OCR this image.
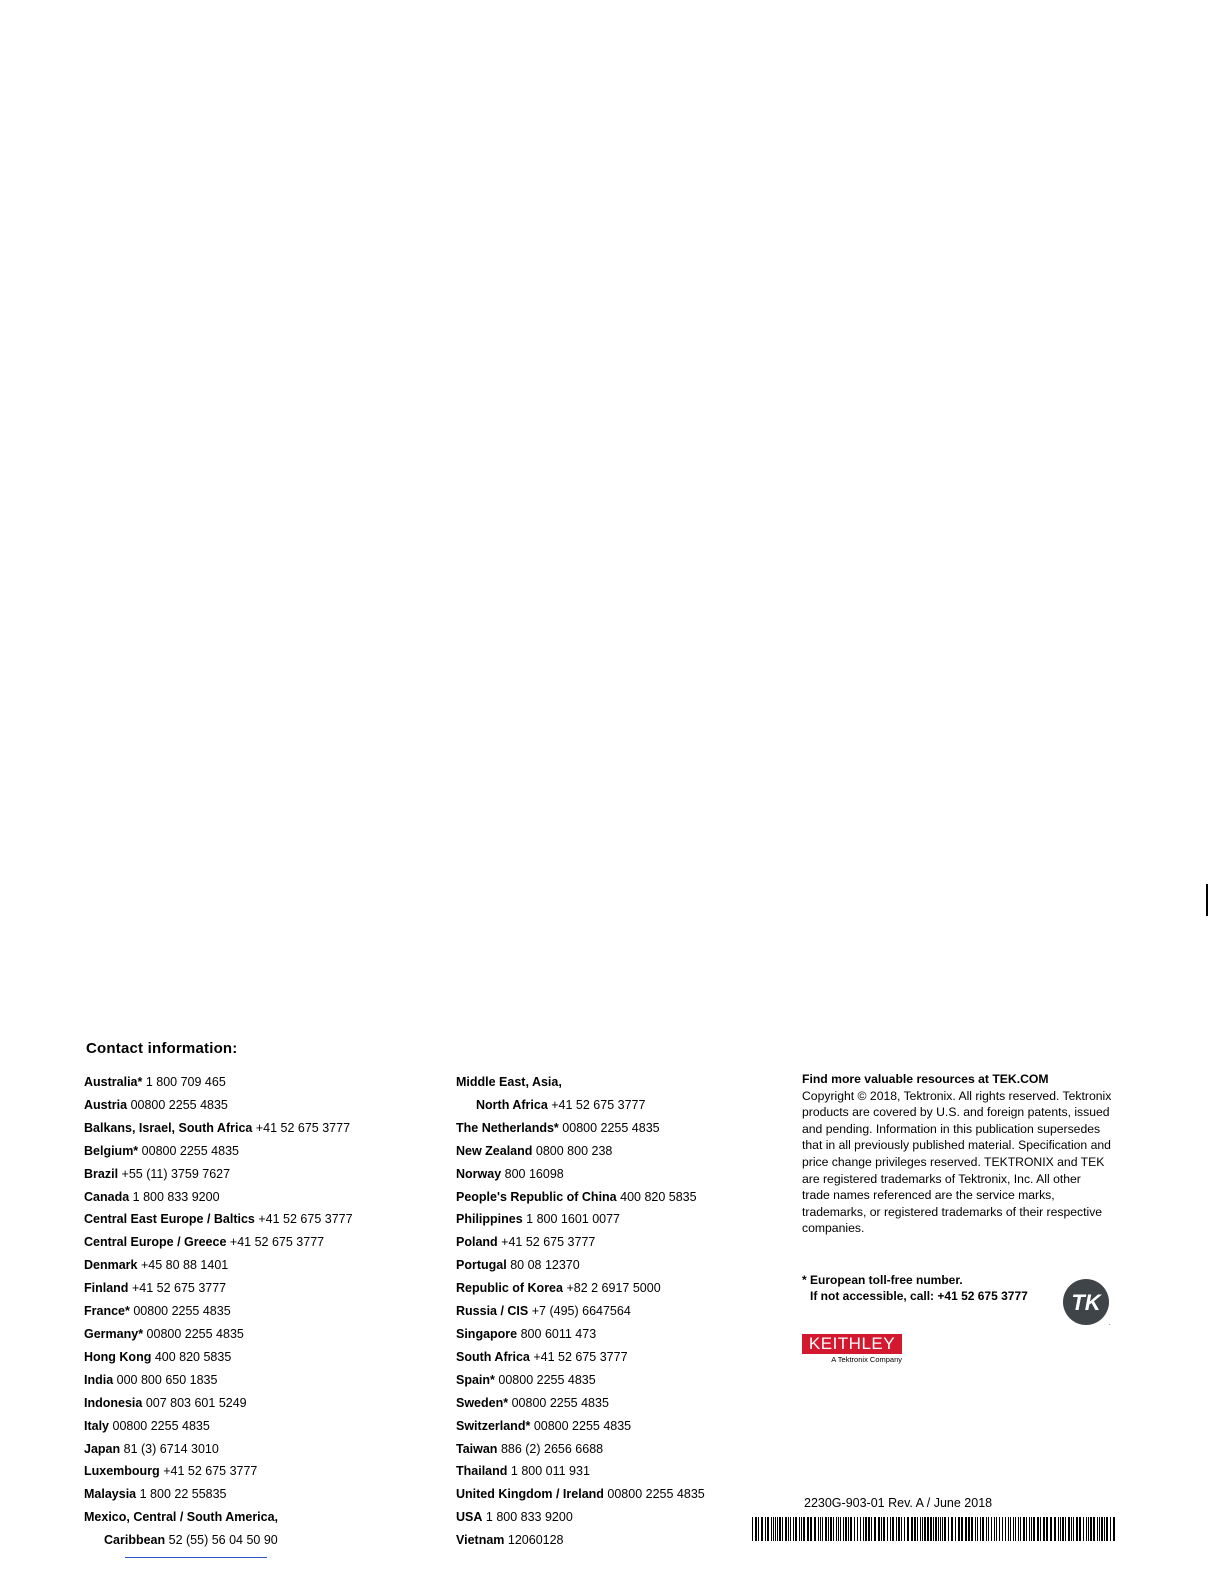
Contact information:
Australia* 1 800 709 465
Austria 00800 2255 4835
Balkans, Israel, South Africa +41 52 675 3777
Belgium* 00800 2255 4835
Brazil +55 (11) 3759 7627
Canada 1 800 833 9200
Central East Europe / Baltics +41 52 675 3777
Central Europe / Greece +41 52 675 3777
Denmark +45 80 88 1401
Finland +41 52 675 3777
France* 00800 2255 4835
Germany* 00800 2255 4835
Hong Kong 400 820 5835
India 000 800 650 1835
Indonesia 007 803 601 5249
Italy 00800 2255 4835
Japan 81 (3) 6714 3010
Luxembourg +41 52 675 3777
Malaysia 1 800 22 55835
Mexico, Central / South America,
Caribbean 52 (55) 56 04 50 90
Middle East, Asia,
North Africa +41 52 675 3777
The Netherlands* 00800 2255 4835
New Zealand 0800 800 238
Norway 800 16098
People's Republic of China 400 820 5835
Philippines 1 800 1601 0077
Poland +41 52 675 3777
Portugal 80 08 12370
Republic of Korea +82 2 6917 5000
Russia / CIS +7 (495) 6647564
Singapore 800 6011 473
South Africa +41 52 675 3777
Spain* 00800 2255 4835
Sweden* 00800 2255 4835
Switzerland* 00800 2255 4835
Taiwan 886 (2) 2656 6688
Thailand 1 800 011 931
United Kingdom / Ireland 00800 2255 4835
USA 1 800 833 9200
Vietnam 12060128
Find more valuable resources at TEK.COM
Copyright © 2018, Tektronix. All rights reserved. Tektronix products are covered by U.S. and foreign patents, issued and pending. Information in this publication supersedes that in all previously published material. Specification and price change privileges reserved. TEKTRONIX and TEK are registered trademarks of Tektronix, Inc. All other trade names referenced are the service marks, trademarks, or registered trademarks of their respective companies.
* European toll-free number.
If not accessible, call: +41 52 675 3777 TK
.
KEITHLEY
A Tektronix Company
2230G-903-01 Rev. A / June 2018
